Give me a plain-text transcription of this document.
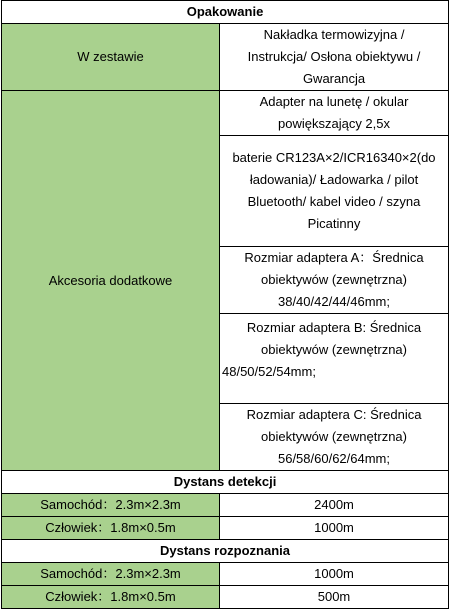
Opakowanie	
W zestawie	Nakładka termowizyjna /
Instrukcja/ Osłona obiektywu /
Gwarancja

Akcesoria dodatkowe	Adapter na lunetę / okular
powiększający 2,5x

	baterie CR123A×2/ICR16340×2(do
ładowania)/ Ładowarka / pilot
Bluetooth/ kabel video / szyna
Picatinny

	Rozmiar adaptera A：Średnica
obiektywów (zewnętrzna)
38/40/42/44/46mm;

	Rozmiar adaptera B: Średnica
obiektywów (zewnętrzna)
48/50/52/54mm;

	Rozmiar adaptera C: Średnica
obiektywów (zewnętrzna)
56/58/60/62/64mm;

Dystans detekcji	
Samochód：2.3m×2.3m	2400m
Człowiek：1.8m×0.5m	1000m
Dystans rozpoznania	
Samochód：2.3m×2.3m	1000m
Człowiek：1.8m×0.5m	500m
